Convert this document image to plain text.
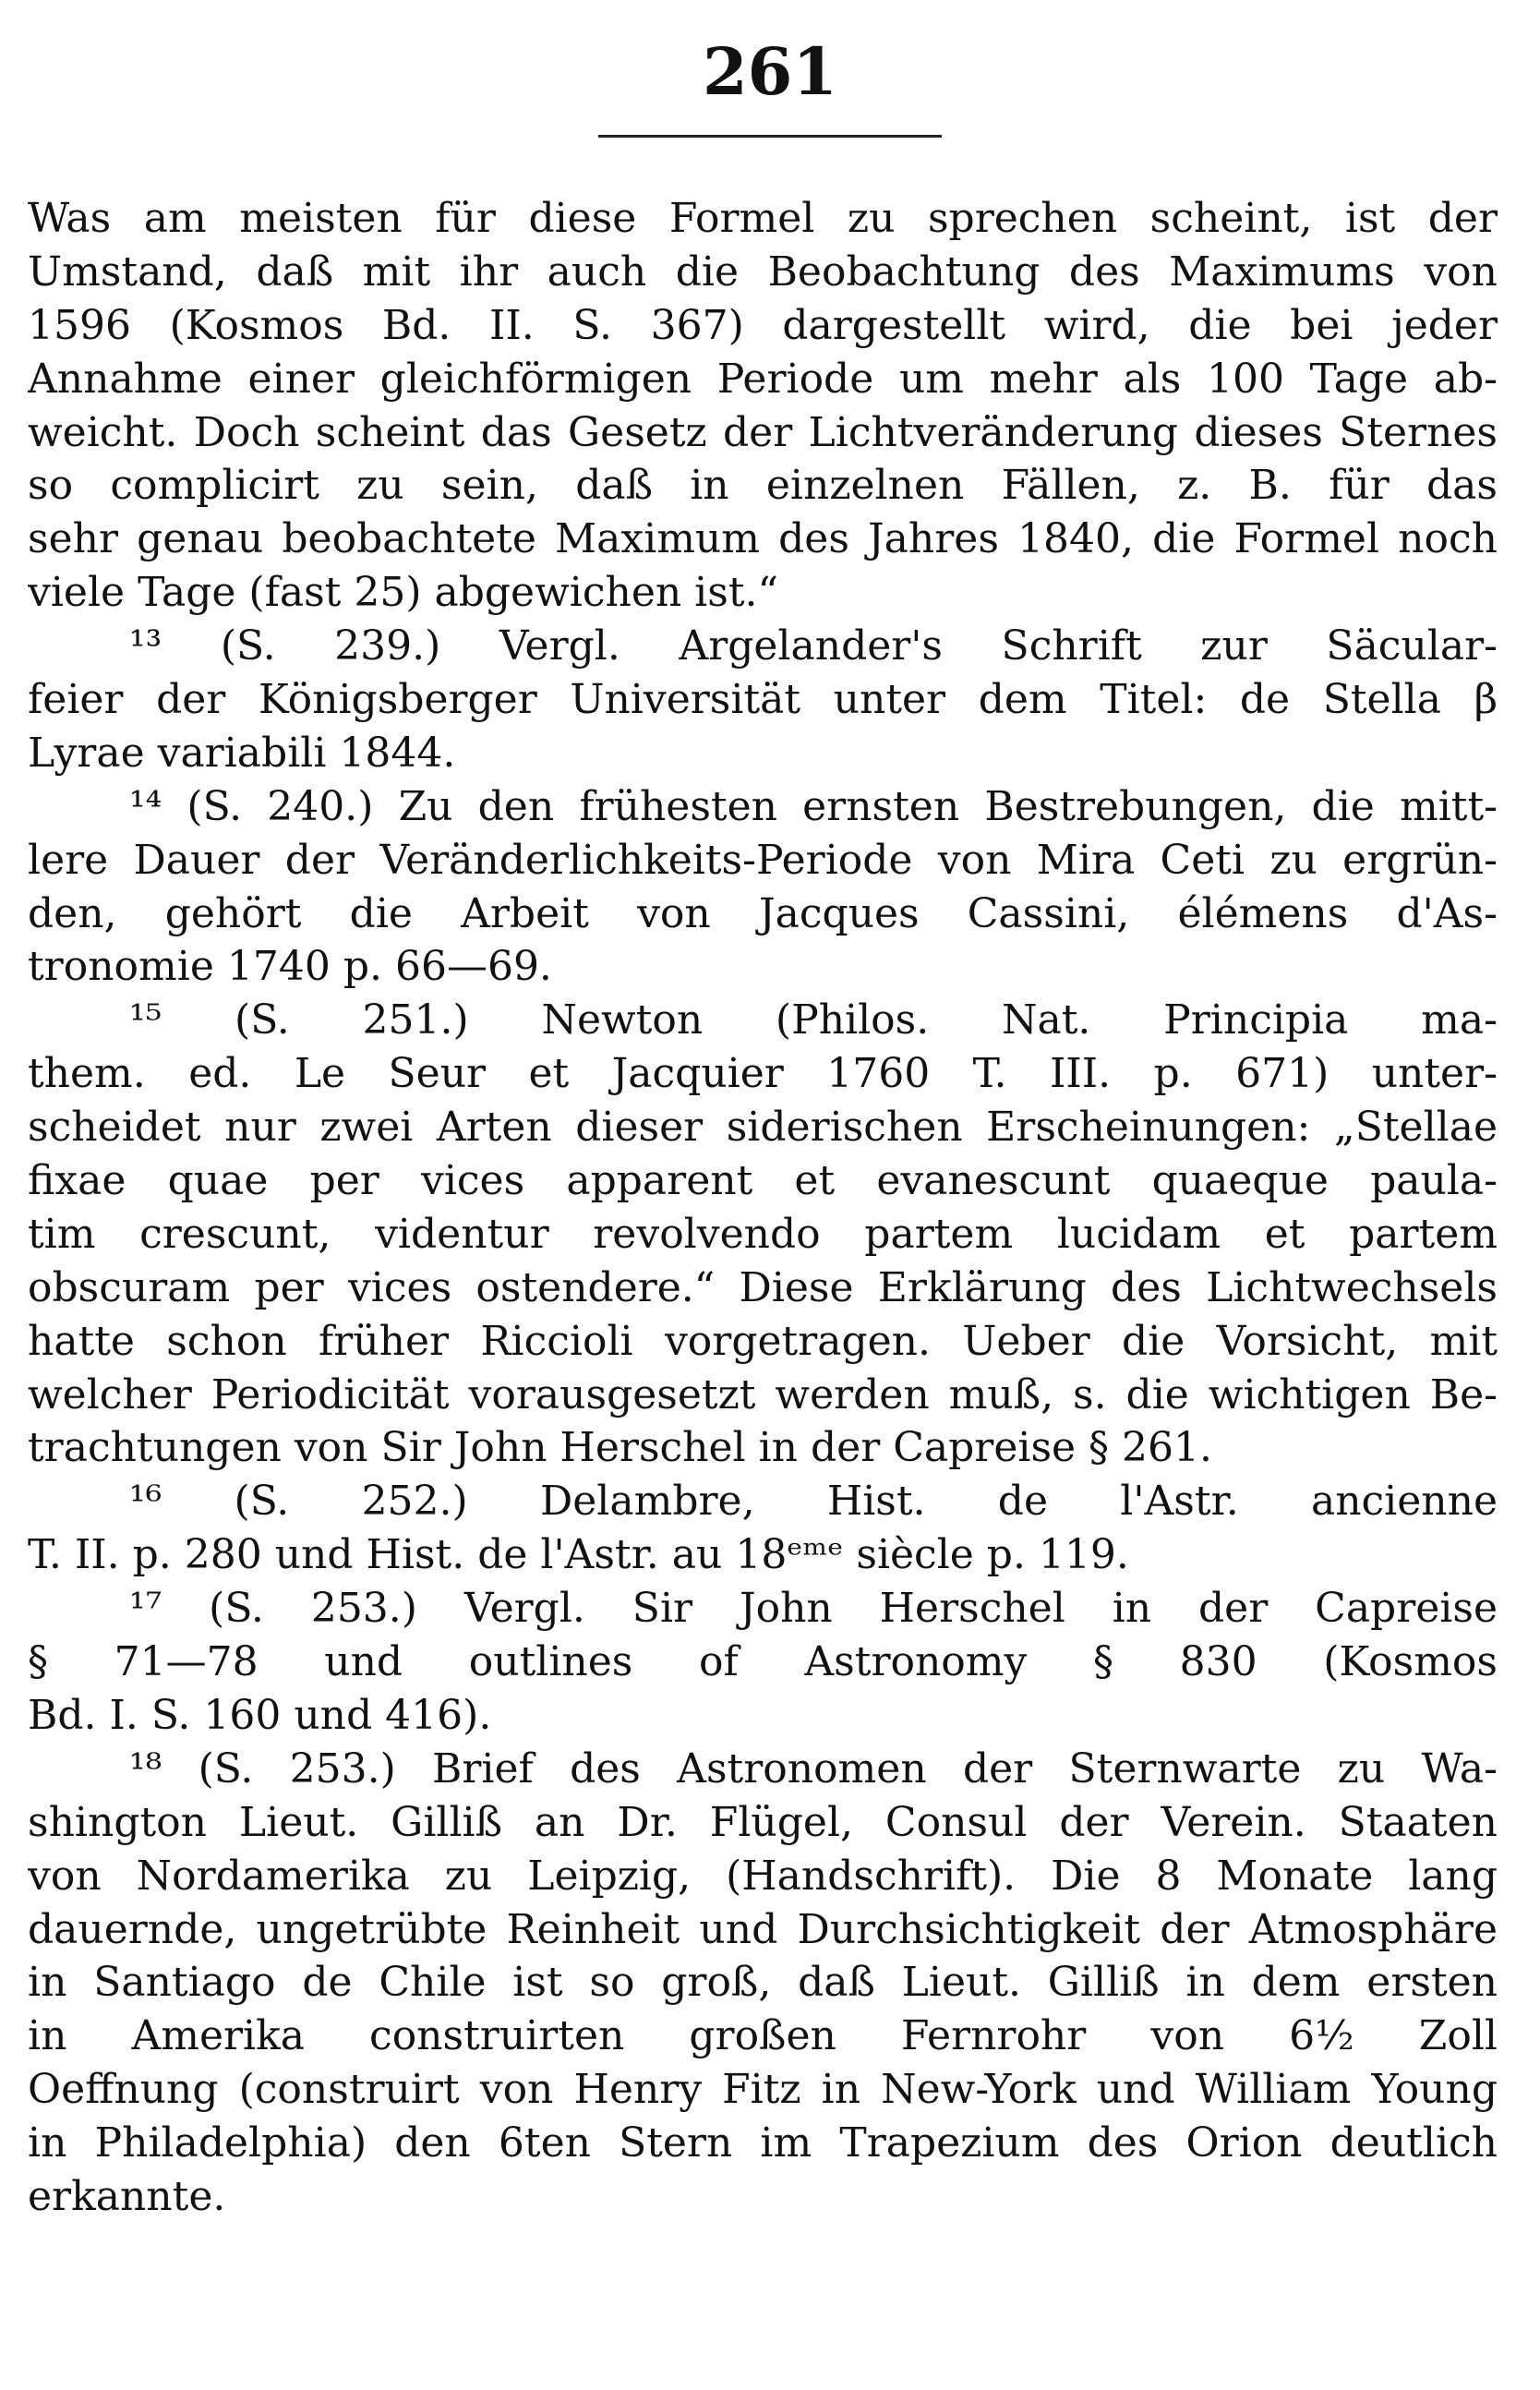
261
Was am meisten für diese Formel zu sprechen scheint, ist der
Umstand, daß mit ihr auch die Beobachtung des Maximums von
1596 (Kosmos Bd. II. S. 367) dargestellt wird, die bei jeder
Annahme einer gleichförmigen Periode um mehr als 100 Tage ab-
weicht. Doch scheint das Gesetz der Lichtveränderung dieses Sternes
so complicirt zu sein, daß in einzelnen Fällen, z. B. für das
sehr genau beobachtete Maximum des Jahres 1840, die Formel noch
viele Tage (fast 25) abgewichen ist.“
¹³ (S. 239.) Vergl. Argelander's Schrift zur Säcular-
feier der Königsberger Universität unter dem Titel: de Stella β
Lyrae variabili 1844.
¹⁴ (S. 240.) Zu den frühesten ernsten Bestrebungen, die mitt-
lere Dauer der Veränderlichkeits-Periode von Mira Ceti zu ergrün-
den, gehört die Arbeit von Jacques Cassini, élémens d'As-
tronomie 1740 p. 66—69.
¹⁵ (S. 251.) Newton (Philos. Nat. Principia ma-
them. ed. Le Seur et Jacquier 1760 T. III. p. 671) unter-
scheidet nur zwei Arten dieser siderischen Erscheinungen: „Stellae
fixae quae per vices apparent et evanescunt quaeque paula-
tim crescunt, videntur revolvendo partem lucidam et partem
obscuram per vices ostendere.“ Diese Erklärung des Lichtwechsels
hatte schon früher Riccioli vorgetragen. Ueber die Vorsicht, mit
welcher Periodicität vorausgesetzt werden muß, s. die wichtigen Be-
trachtungen von Sir John Herschel in der Capreise § 261.
¹⁶ (S. 252.) Delambre, Hist. de l'Astr. ancienne
T. II. p. 280 und Hist. de l'Astr. au 18ᵉᵐᵉ siècle p. 119.
¹⁷ (S. 253.) Vergl. Sir John Herschel in der Capreise
§ 71—78 und outlines of Astronomy § 830 (Kosmos
Bd. I. S. 160 und 416).
¹⁸ (S. 253.) Brief des Astronomen der Sternwarte zu Wa-
shington Lieut. Gilliß an Dr. Flügel, Consul der Verein. Staaten
von Nordamerika zu Leipzig, (Handschrift). Die 8 Monate lang
dauernde, ungetrübte Reinheit und Durchsichtigkeit der Atmosphäre
in Santiago de Chile ist so groß, daß Lieut. Gilliß in dem ersten
in Amerika construirten großen Fernrohr von 6½ Zoll
Oeffnung (construirt von Henry Fitz in New-York und William Young
in Philadelphia) den 6ten Stern im Trapezium des Orion deutlich
erkannte.
